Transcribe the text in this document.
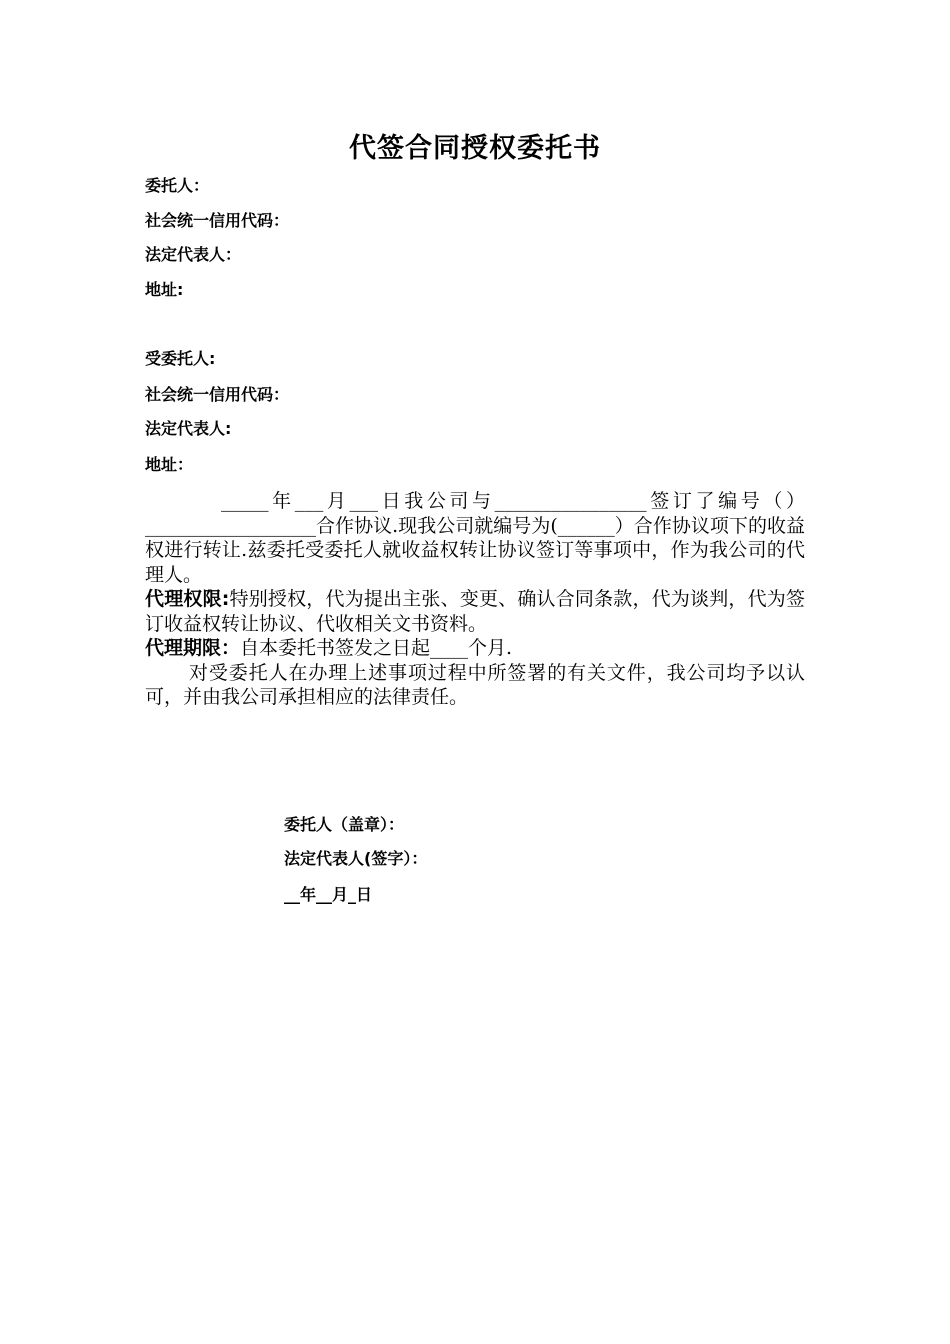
代签合同授权委托书
委托人：
社会统一信用代码：
法定代表人：
地址:
受委托人:
社会统一信用代码：
法定代表人:
地址：

_____年___月___日我公司与________________签订了编号（）__________________合作协议.现我公司就编号为(______）合作协议项下的收益权进行转让.兹委托受委托人就收益权转让协议签订等事项中，作为我公司的代理人。

代理权限:特别授权，代为提出主张、变更、确认合同条款，代为谈判，代为签订收益权转让协议、代收相关文书资料。

代理期限：自本委托书签发之日起____个月.

对受委托人在办理上述事项过程中所签署的有关文件，我公司均予以认可，并由我公司承担相应的法律责任。

委托人（盖章）：
法定代表人(签字）：
__年__月_日
